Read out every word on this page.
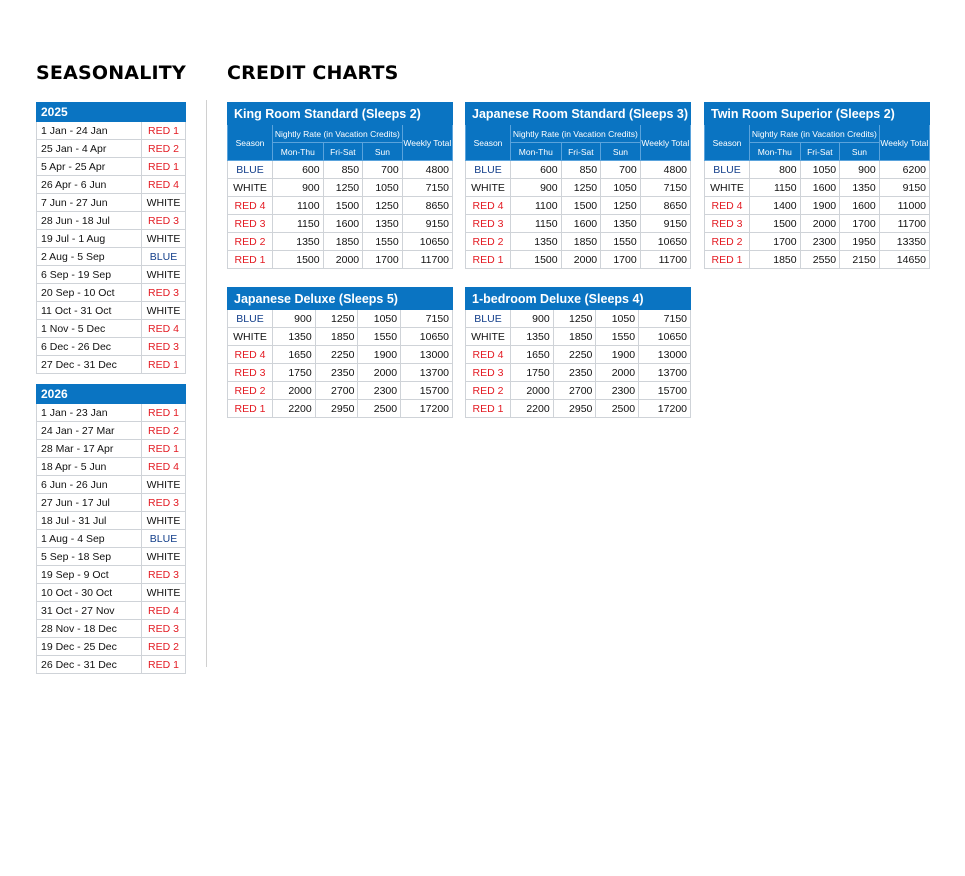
SEASONALITY CREDIT CHARTS
2025	
1 Jan - 24 Jan	RED 1
25 Jan - 4 Apr	RED 2
5 Apr - 25 Apr	RED 1
26 Apr - 6 Jun	RED 4
7 Jun - 27 Jun	WHITE
28 Jun - 18 Jul	RED 3
19 Jul - 1 Aug	WHITE
2 Aug - 5 Sep	BLUE
6 Sep - 19 Sep	WHITE
20 Sep - 10 Oct	RED 3
11 Oct - 31 Oct	WHITE
1 Nov - 5 Dec	RED 4
6 Dec - 26 Dec	RED 3
27 Dec - 31 Dec	RED 1
2026	
1 Jan - 23 Jan	RED 1
24 Jan - 27 Mar	RED 2
28 Mar - 17 Apr	RED 1
18 Apr - 5 Jun	RED 4
6 Jun - 26 Jun	WHITE
27 Jun - 17 Jul	RED 3
18 Jul - 31 Jul	WHITE
1 Aug - 4 Sep	BLUE
5 Sep - 18 Sep	WHITE
19 Sep - 9 Oct	RED 3
10 Oct - 30 Oct	WHITE
31 Oct - 27 Nov	RED 4
28 Nov - 18 Dec	RED 3
19 Dec - 25 Dec	RED 2
26 Dec - 31 Dec	RED 1
King Room Standard (Sleeps 2)				
Season	Nightly Rate (in Vacation Credits)			Weekly Total
	Mon-Thu	Fri-Sat	Sun	
BLUE	600	850	700	4800
WHITE	900	1250	1050	7150
RED 4	1100	1500	1250	8650
RED 3	1150	1600	1350	9150
RED 2	1350	1850	1550	10650
RED 1	1500	2000	1700	11700
Japanese Room Standard (Sleeps 3)				
Season	Nightly Rate (in Vacation Credits)			Weekly Total
	Mon-Thu	Fri-Sat	Sun	
BLUE	600	850	700	4800
WHITE	900	1250	1050	7150
RED 4	1100	1500	1250	8650
RED 3	1150	1600	1350	9150
RED 2	1350	1850	1550	10650
RED 1	1500	2000	1700	11700
Twin Room Superior (Sleeps 2)				
Season	Nightly Rate (in Vacation Credits)			Weekly Total
	Mon-Thu	Fri-Sat	Sun	
BLUE	800	1050	900	6200
WHITE	1150	1600	1350	9150
RED 4	1400	1900	1600	11000
RED 3	1500	2000	1700	11700
RED 2	1700	2300	1950	13350
RED 1	1850	2550	2150	14650
Japanese Deluxe (Sleeps 5)				
BLUE	900	1250	1050	7150
WHITE	1350	1850	1550	10650
RED 4	1650	2250	1900	13000
RED 3	1750	2350	2000	13700
RED 2	2000	2700	2300	15700
RED 1	2200	2950	2500	17200
1-bedroom Deluxe (Sleeps 4)				
BLUE	900	1250	1050	7150
WHITE	1350	1850	1550	10650
RED 4	1650	2250	1900	13000
RED 3	1750	2350	2000	13700
RED 2	2000	2700	2300	15700
RED 1	2200	2950	2500	17200
